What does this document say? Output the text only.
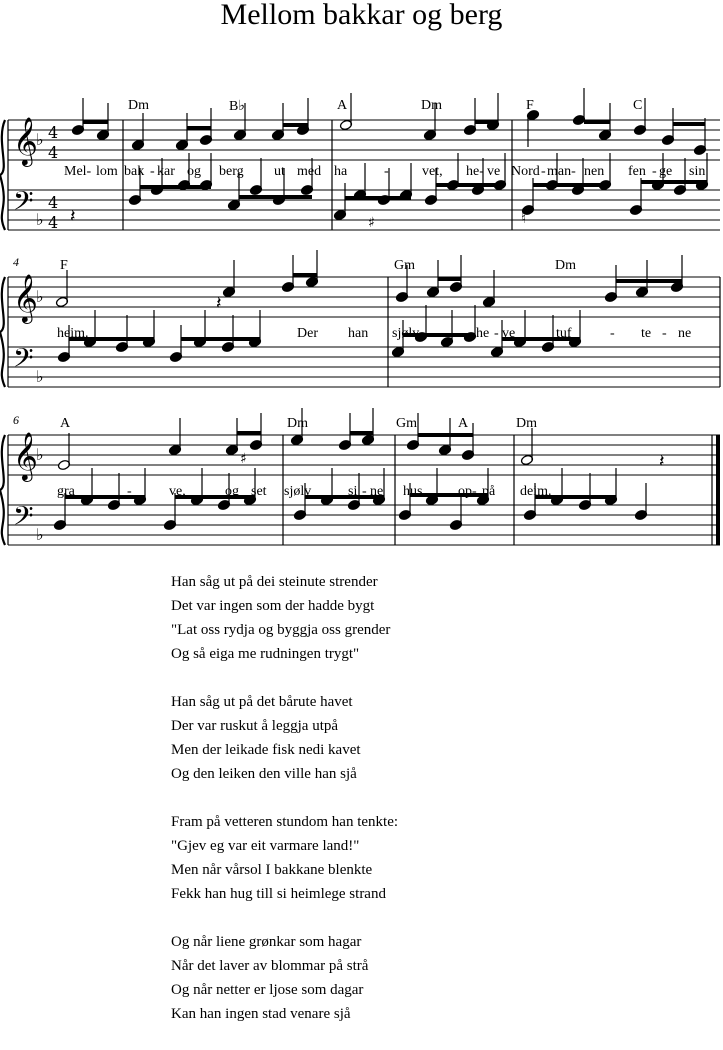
Mellom bakkar og berg
𝄞
𝄢
♭
♭
4
4
4
4 𝄽	♯	♮
Dm	B♭	A	Dm	F	C
Mel- lom bak - kar og berg ut med ha	- vet, he- ve Nord - man- nen fen - ge sin
𝄞
𝄢
♭
♭
𝄽
4	F	Gm	Dm
heim.	Der han sjølv	he - ve	tuf	- te - ne
𝄞
𝄢
♭
♭
𝄽
♯
6	A	Dm	Gm	A	Dm
gra	-	ve,	og set sjølv	si - ne hus	op - på deim.
Han såg ut på dei steinute strender
Det var ingen som der hadde bygt
"Lat oss rydja og byggja oss grender
Og så eiga me rudningen trygt"
Han såg ut på det bårute havet
Der var ruskut å leggja utpå
Men der leikade fisk nedi kavet
Og den leiken den ville han sjå
Fram på vetteren stundom han tenkte:
"Gjev eg var eit varmare land!"
Men når vårsol I bakkane blenkte
Fekk han hug till si heimlege strand
Og når liene grønkar som hagar
Når det laver av blommar på strå
Og når netter er ljose som dagar
Kan han ingen stad venare sjå
